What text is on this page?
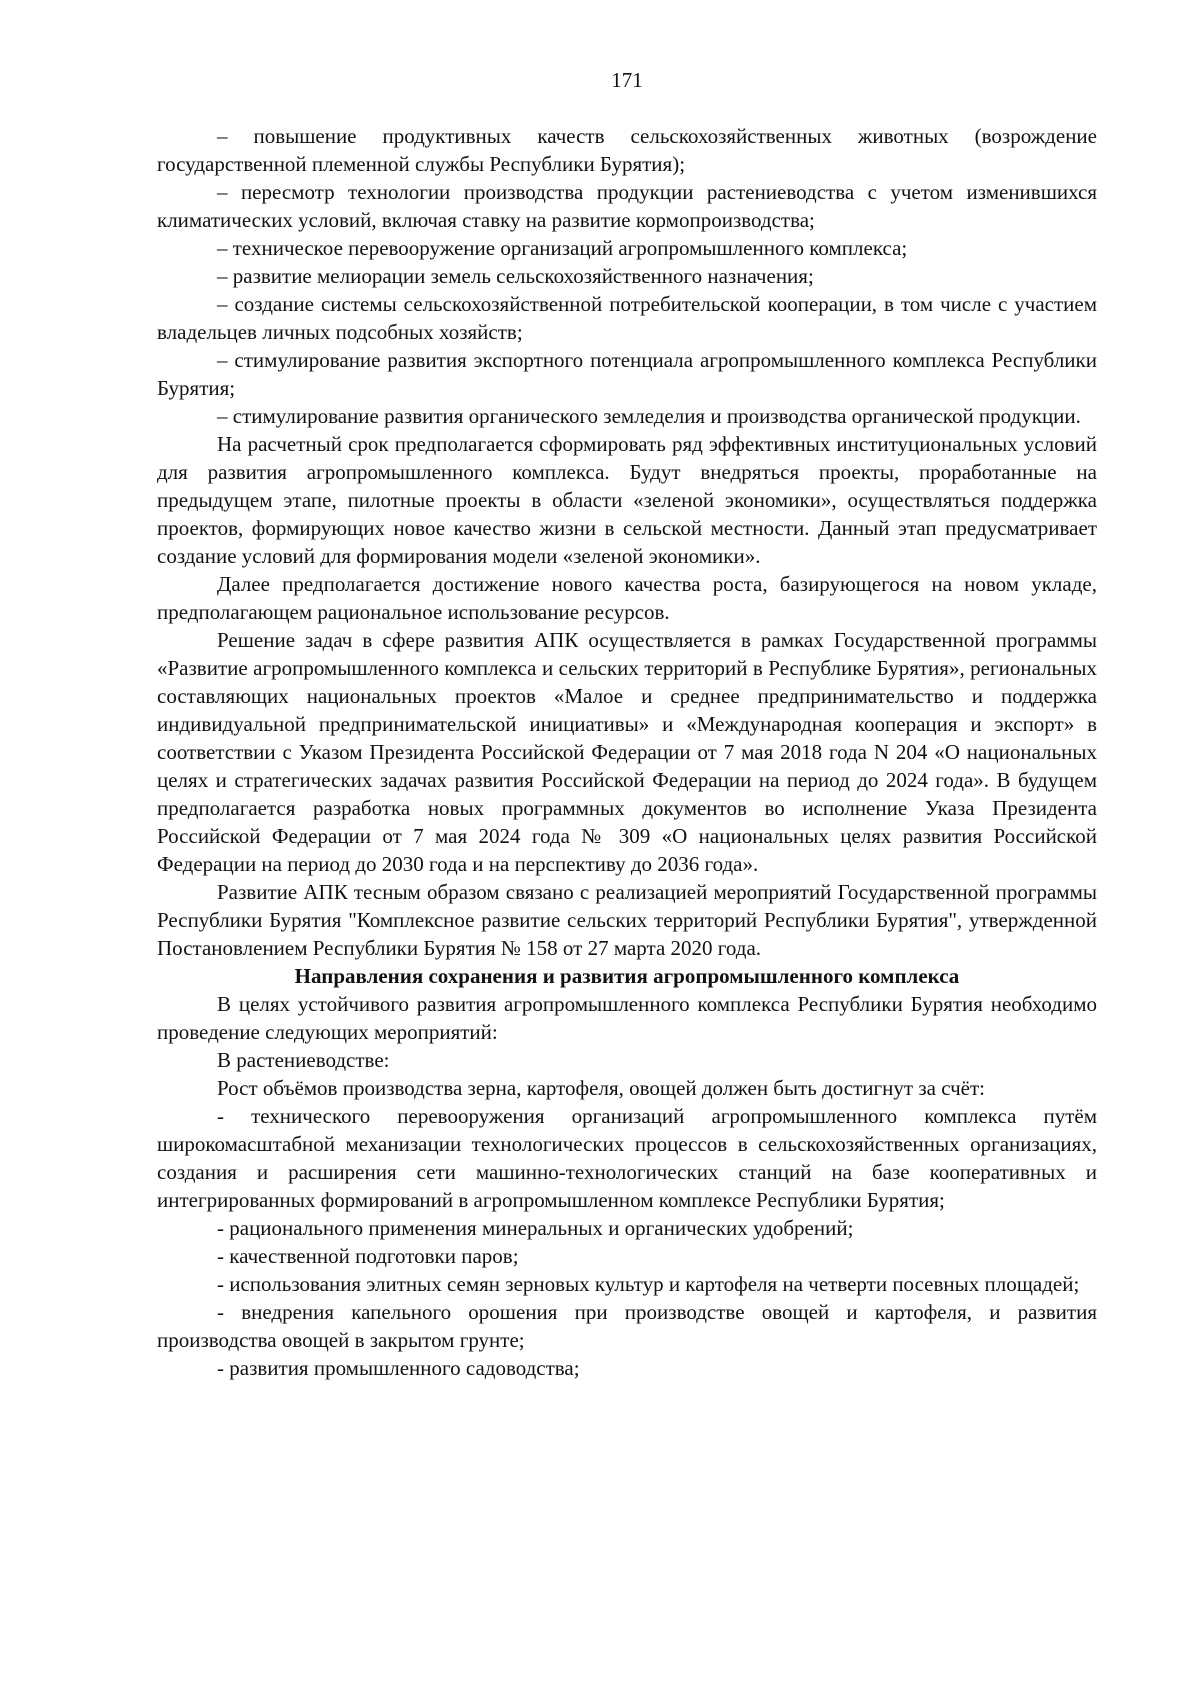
171

– повышение продуктивных качеств сельскохозяйственных животных (возрождение государственной племенной службы Республики Бурятия);

– пересмотр технологии производства продукции растениеводства с учетом изменившихся климатических условий, включая ставку на развитие кормопроизводства;

– техническое перевооружение организаций агропромышленного комплекса;

– развитие мелиорации земель сельскохозяйственного назначения;

– создание системы сельскохозяйственной потребительской кооперации, в том числе с участием владельцев личных подсобных хозяйств;

– стимулирование развития экспортного потенциала агропромышленного комплекса Республики Бурятия;

– стимулирование развития органического земледелия и производства органической продукции.

На расчетный срок предполагается сформировать ряд эффективных институциональных условий для развития агропромышленного комплекса. Будут внедряться проекты, проработанные на предыдущем этапе, пилотные проекты в области «зеленой экономики», осуществляться поддержка проектов, формирующих новое качество жизни в сельской местности. Данный этап предусматривает создание условий для формирования модели «зеленой экономики».

Далее предполагается достижение нового качества роста, базирующегося на новом укладе, предполагающем рациональное использование ресурсов.

Решение задач в сфере развития АПК осуществляется в рамках Государственной программы «Развитие агропромышленного комплекса и сельских территорий в Республике Бурятия», региональных составляющих национальных проектов «Малое и среднее предпринимательство и поддержка индивидуальной предпринимательской инициативы» и «Международная кооперация и экспорт» в соответствии с Указом Президента Российской Федерации от 7 мая 2018 года N 204 «О национальных целях и стратегических задачах развития Российской Федерации на период до 2024 года». В будущем предполагается разработка новых программных документов во исполнение Указа Президента Российской Федерации от 7 мая 2024 года № 309 «О национальных целях развития Российской Федерации на период до 2030 года и на перспективу до 2036 года».

Развитие АПК тесным образом связано с реализацией мероприятий Государственной программы Республики Бурятия "Комплексное развитие сельских территорий Республики Бурятия", утвержденной Постановлением Республики Бурятия № 158 от 27 марта 2020 года.

Направления сохранения и развития агропромышленного комплекса

В целях устойчивого развития агропромышленного комплекса Республики Бурятия необходимо проведение следующих мероприятий:

В растениеводстве:

Рост объёмов производства зерна, картофеля, овощей должен быть достигнут за счёт:

- технического перевооружения организаций агропромышленного комплекса путём широкомасштабной механизации технологических процессов в сельскохозяйственных организациях, создания и расширения сети машинно-технологических станций на базе кооперативных и интегрированных формирований в агропромышленном комплексе Республики Бурятия;

- рационального применения минеральных и органических удобрений;

- качественной подготовки паров;

- использования элитных семян зерновых культур и картофеля на четверти посевных площадей;

- внедрения капельного орошения при производстве овощей и картофеля, и развития производства овощей в закрытом грунте;

- развития промышленного садоводства;
